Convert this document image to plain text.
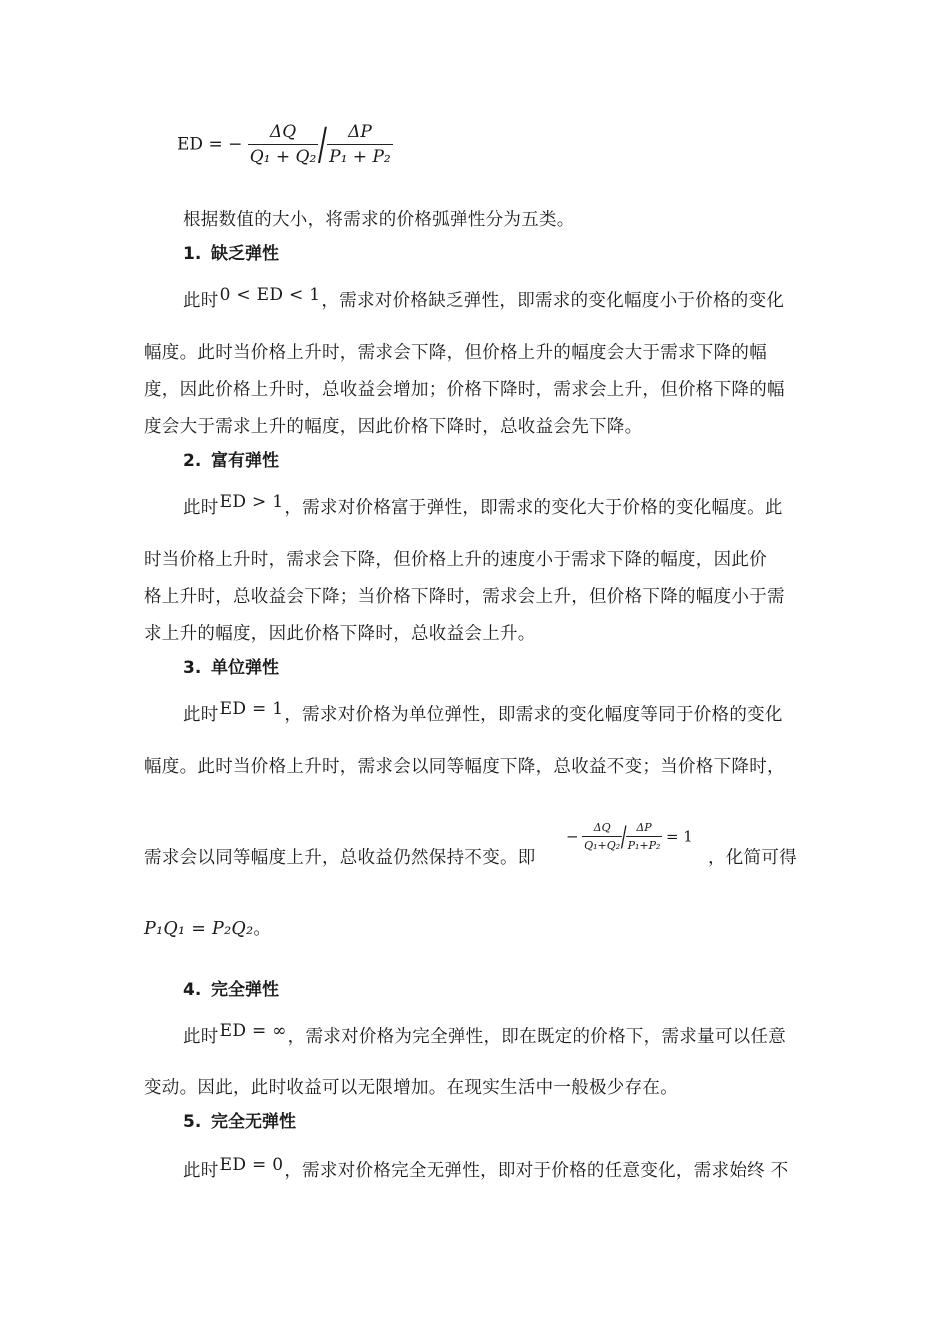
ED = − $\frac{\Delta Q}{\text{Q₁ + Q₂}} / \frac{\Delta P}{\text{P₁ + P₂}}$
根据数值的大小，将需求的价格弧弹性分为五类。
1. 缺乏弹性
此时0 < ED < 1，需求对价格缺乏弹性，即需求的变化幅度小于价格的变化
幅度。此时当价格上升时，需求会下降，但价格上升的幅度会大于需求下降的幅
度，因此价格上升时，总收益会增加；价格下降时，需求会上升，但价格下降的幅
度会大于需求上升的幅度，因此价格下降时，总收益会先下降。
2. 富有弹性
此时ED > 1，需求对价格富于弹性，即需求的变化大于价格的变化幅度。此
时当价格上升时，需求会下降，但价格上升的速度小于需求下降的幅度，因此价
格上升时，总收益会下降；当价格下降时，需求会上升，但价格下降的幅度小于需
求上升的幅度，因此价格下降时，总收益会上升。
3. 单位弹性
此时ED = 1，需求对价格为单位弹性，即需求的变化幅度等同于价格的变化
幅度。此时当价格上升时，需求会以同等幅度下降，总收益不变；当价格下降时，
需求会以同等幅度上升，总收益仍然保持不变。即
− $\frac{\Delta Q}{\text{Q₁+Q₂}}$
/
$\frac{\Delta P}{\text{P₁+P₂}} = 1$
，化简可得
P₁Q₁ = P₂Q₂。
4. 完全弹性
此时ED = ∞，需求对价格为完全弹性，即在既定的价格下，需求量可以任意
变动。因此，此时收益可以无限增加。在现实生活中一般极少存在。
5. 完全无弹性
此时ED = 0，需求对价格完全无弹性，即对于价格的任意变化，需求始终 不
